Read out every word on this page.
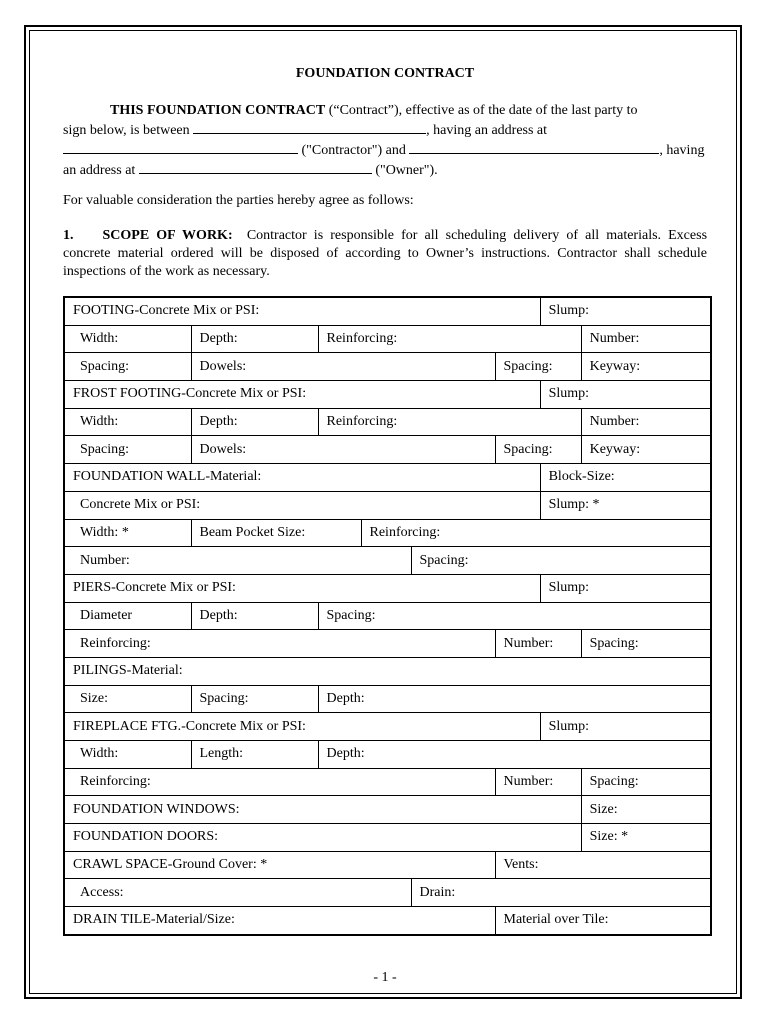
FOUNDATION CONTRACT
THIS FOUNDATION CONTRACT (“Contract”), effective as of the date of the last party to
sign below, is between	, having an address at
("Contractor") and	, having
an address at	("Owner").
For valuable consideration the parties hereby agree as follows:
1. SCOPE OF WORK: Contractor is responsible for all scheduling delivery of all materials. Excess concrete material ordered will be disposed of according to Owner’s instructions. Contractor shall schedule inspections of the work as necessary.
FOOTING-Concrete Mix or PSI:						Slump:	
Width:	Depth:	Reinforcing:					Number:
Spacing:	Dowels:				Spacing:		Keyway:
FROST FOOTING-Concrete Mix or PSI:						Slump:	
Width:	Depth:	Reinforcing:					Number:
Spacing:	Dowels:				Spacing:		Keyway:
FOUNDATION WALL-Material:						Block-Size:	
Concrete Mix or PSI:						Slump: *	
Width: *	Beam Pocket Size:		Reinforcing:				
Number:				Spacing:			
PIERS-Concrete Mix or PSI:						Slump:	
Diameter	Depth:	Spacing:					
Reinforcing:					Number:		Spacing:
PILINGS-Material:							
Size:	Spacing:	Depth:					
FIREPLACE FTG.-Concrete Mix or PSI:						Slump:	
Width:	Length:	Depth:					
Reinforcing:					Number:		Spacing:
FOUNDATION WINDOWS:							Size:
FOUNDATION DOORS:							Size: *
CRAWL SPACE-Ground Cover: *					Vents:		
Access:				Drain:			
DRAIN TILE-Material/Size:					Material over Tile:		
- 1 -
